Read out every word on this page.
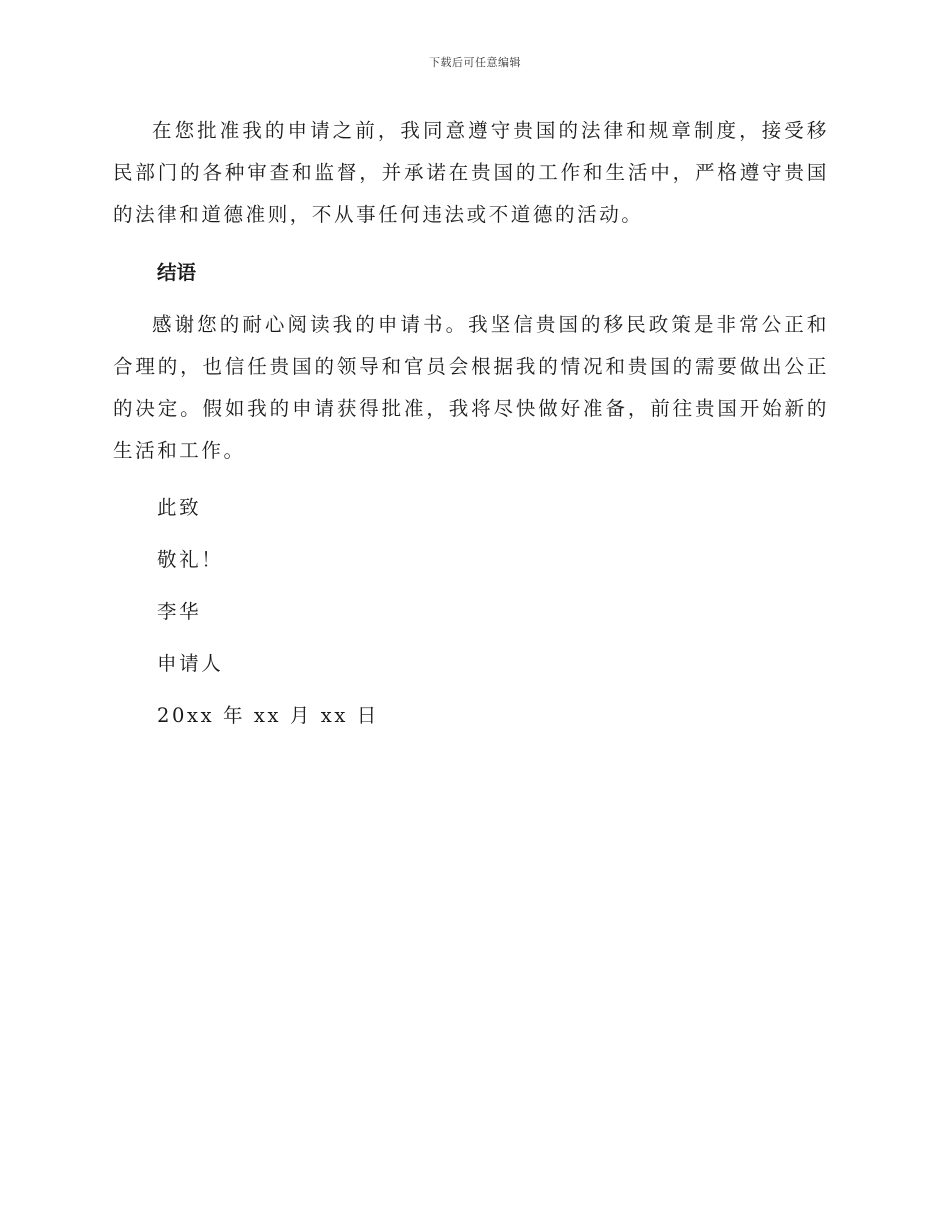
下载后可任意编辑

在您批准我的申请之前，我同意遵守贵国的法律和规章制度，接受移民部门的各种审查和监督，并承诺在贵国的工作和生活中，严格遵守贵国的法律和道德准则，不从事任何违法或不道德的活动。

结语

感谢您的耐心阅读我的申请书。我坚信贵国的移民政策是非常公正和合理的，也信任贵国的领导和官员会根据我的情况和贵国的需要做出公正的决定。假如我的申请获得批准，我将尽快做好准备，前往贵国开始新的生活和工作。

此致

敬礼！

李华

申请人

20xx 年 xx 月 xx 日
